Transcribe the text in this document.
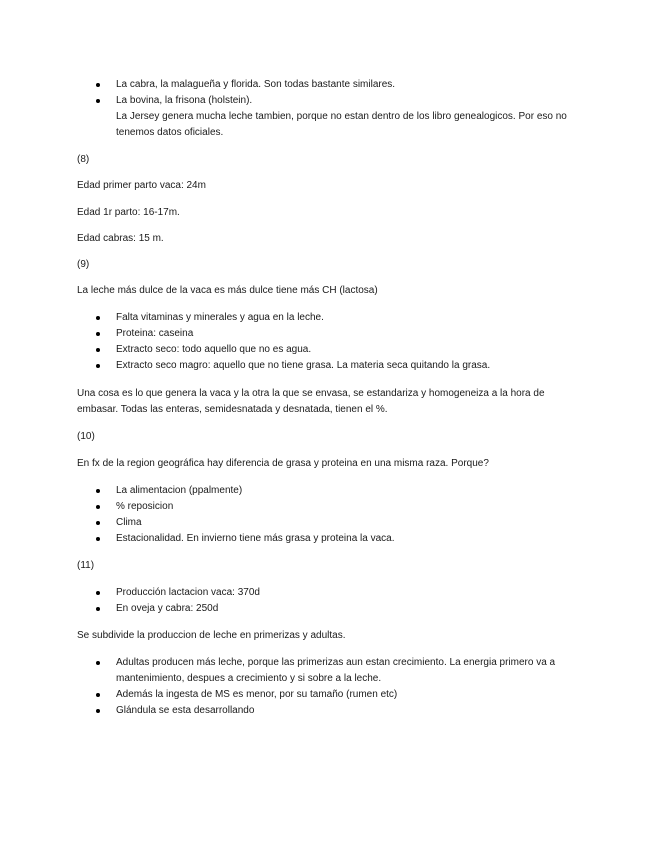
La cabra, la malagueña y florida. Son todas bastante similares.
La bovina, la frisona (holstein).
La Jersey genera mucha leche tambien, porque no estan dentro de los libro genealogicos. Por eso no tenemos datos oficiales.

(8)

Edad primer parto vaca: 24m

Edad 1r parto: 16-17m.

Edad cabras: 15 m.

(9)

La leche más dulce de la vaca es más dulce tiene más CH (lactosa)

Falta vitaminas y minerales y agua en la leche.
Proteina: caseina
Extracto seco: todo aquello que no es agua.
Extracto seco magro: aquello que no tiene grasa. La materia seca quitando la grasa.

Una cosa es lo que genera la vaca y la otra la que se envasa, se estandariza y homogeneiza a la hora de embasar. Todas las enteras, semidesnatada y desnatada, tienen el %.

(10)

En fx de la region geográfica hay diferencia de grasa y proteina en una misma raza. Porque?

La alimentacion (ppalmente)
% reposicion
Clima
Estacionalidad. En invierno tiene más grasa y proteina la vaca.

(11)

Producción lactacion vaca: 370d
En oveja y cabra: 250d

Se subdivide la produccion de leche en primerizas y adultas.

Adultas producen más leche, porque las primerizas aun estan crecimiento. La energia primero va a mantenimiento, despues a crecimiento y si sobre a la leche.
Además la ingesta de MS es menor, por su tamaño (rumen etc)
Glándula se esta desarrollando
